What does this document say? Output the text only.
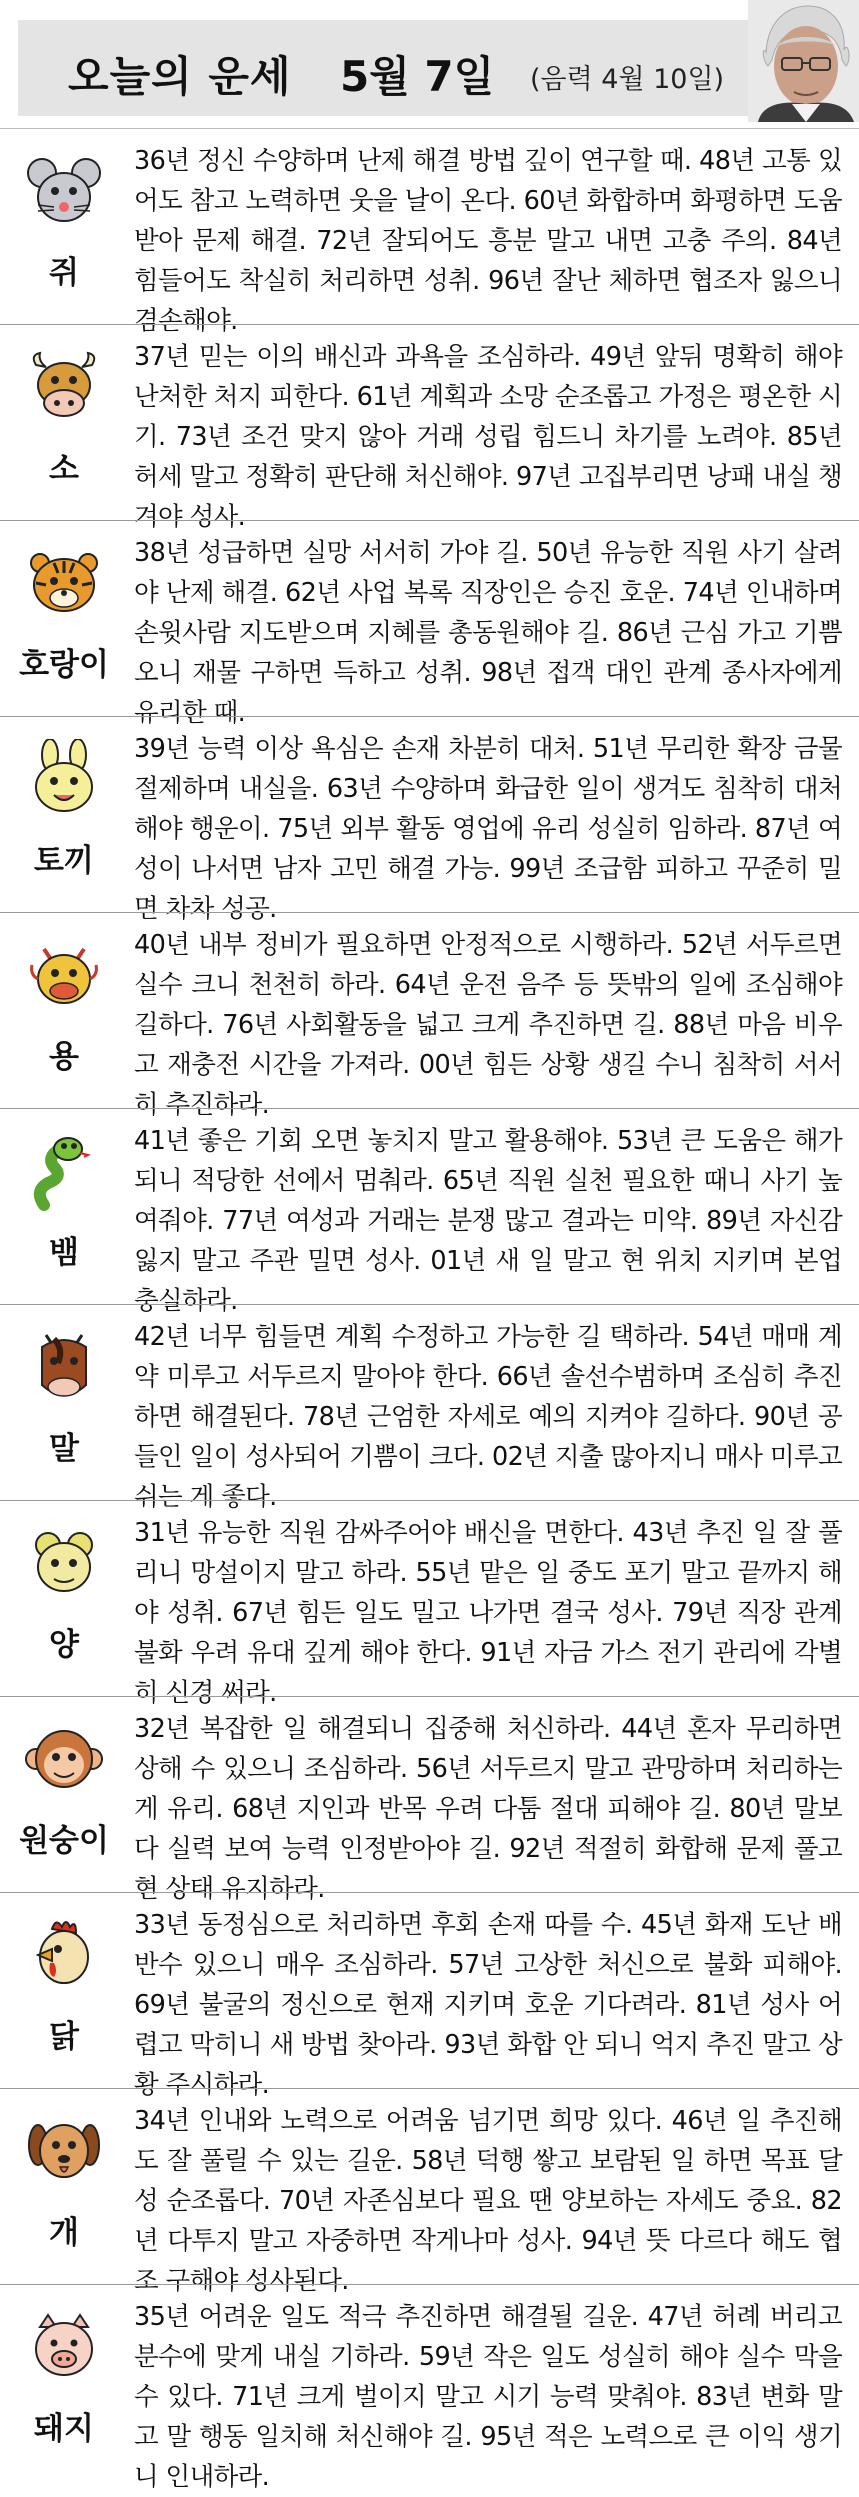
오늘의 운세 5월 7일 (음력 4월 10일)
쥐
36년 정신 수양하며 난제 해결 방법 깊이 연구할 때. 48년 고통 있어도 참고 노력하면 웃을 날이 온다. 60년 화합하며 화평하면 도움받아 문제 해결. 72년 잘되어도 흥분 말고 내면 고충 주의. 84년 힘들어도 착실히 처리하면 성취. 96년 잘난 체하면 협조자 잃으니 겸손해야.
소
37년 믿는 이의 배신과 과욕을 조심하라. 49년 앞뒤 명확히 해야 난처한 처지 피한다. 61년 계획과 소망 순조롭고 가정은 평온한 시기. 73년 조건 맞지 않아 거래 성립 힘드니 차기를 노려야. 85년 허세 말고 정확히 판단해 처신해야. 97년 고집부리면 낭패 내실 챙겨야 성사.
호랑이
38년 성급하면 실망 서서히 가야 길. 50년 유능한 직원 사기 살려야 난제 해결. 62년 사업 복록 직장인은 승진 호운. 74년 인내하며 손윗사람 지도받으며 지혜를 총동원해야 길. 86년 근심 가고 기쁨 오니 재물 구하면 득하고 성취. 98년 접객 대인 관계 종사자에게 유리한 때.
토끼
39년 능력 이상 욕심은 손재 차분히 대처. 51년 무리한 확장 금물 절제하며 내실을. 63년 수양하며 화급한 일이 생겨도 침착히 대처해야 행운이. 75년 외부 활동 영업에 유리 성실히 임하라. 87년 여성이 나서면 남자 고민 해결 가능. 99년 조급함 피하고 꾸준히 밀면 차차 성공.
용
40년 내부 정비가 필요하면 안정적으로 시행하라. 52년 서두르면 실수 크니 천천히 하라. 64년 운전 음주 등 뜻밖의 일에 조심해야 길하다. 76년 사회활동을 넓고 크게 추진하면 길. 88년 마음 비우고 재충전 시간을 가져라. 00년 힘든 상황 생길 수니 침착히 서서히 추진하라.
뱀
41년 좋은 기회 오면 놓치지 말고 활용해야. 53년 큰 도움은 해가 되니 적당한 선에서 멈춰라. 65년 직원 실천 필요한 때니 사기 높여줘야. 77년 여성과 거래는 분쟁 많고 결과는 미약. 89년 자신감 잃지 말고 주관 밀면 성사. 01년 새 일 말고 현 위치 지키며 본업 충실하라.
말
42년 너무 힘들면 계획 수정하고 가능한 길 택하라. 54년 매매 계약 미루고 서두르지 말아야 한다. 66년 솔선수범하며 조심히 추진하면 해결된다. 78년 근엄한 자세로 예의 지켜야 길하다. 90년 공들인 일이 성사되어 기쁨이 크다. 02년 지출 많아지니 매사 미루고 쉬는 게 좋다.
양
31년 유능한 직원 감싸주어야 배신을 면한다. 43년 추진 일 잘 풀리니 망설이지 말고 하라. 55년 맡은 일 중도 포기 말고 끝까지 해야 성취. 67년 힘든 일도 밀고 나가면 결국 성사. 79년 직장 관계 불화 우려 유대 깊게 해야 한다. 91년 자금 가스 전기 관리에 각별히 신경 써라.
원숭이
32년 복잡한 일 해결되니 집중해 처신하라. 44년 혼자 무리하면 상해 수 있으니 조심하라. 56년 서두르지 말고 관망하며 처리하는 게 유리. 68년 지인과 반목 우려 다툼 절대 피해야 길. 80년 말보다 실력 보여 능력 인정받아야 길. 92년 적절히 화합해 문제 풀고 현 상태 유지하라.
닭
33년 동정심으로 처리하면 후회 손재 따를 수. 45년 화재 도난 배반수 있으니 매우 조심하라. 57년 고상한 처신으로 불화 피해야. 69년 불굴의 정신으로 현재 지키며 호운 기다려라. 81년 성사 어렵고 막히니 새 방법 찾아라. 93년 화합 안 되니 억지 추진 말고 상황 주시하라.
개
34년 인내와 노력으로 어려움 넘기면 희망 있다. 46년 일 추진해도 잘 풀릴 수 있는 길운. 58년 덕행 쌓고 보람된 일 하면 목표 달성 순조롭다. 70년 자존심보다 필요 땐 양보하는 자세도 중요. 82년 다투지 말고 자중하면 작게나마 성사. 94년 뜻 다르다 해도 협조 구해야 성사된다.
돼지
35년 어려운 일도 적극 추진하면 해결될 길운. 47년 허례 버리고 분수에 맞게 내실 기하라. 59년 작은 일도 성실히 해야 실수 막을 수 있다. 71년 크게 벌이지 말고 시기 능력 맞춰야. 83년 변화 말고 말 행동 일치해 처신해야 길. 95년 적은 노력으로 큰 이익 생기니 인내하라.
